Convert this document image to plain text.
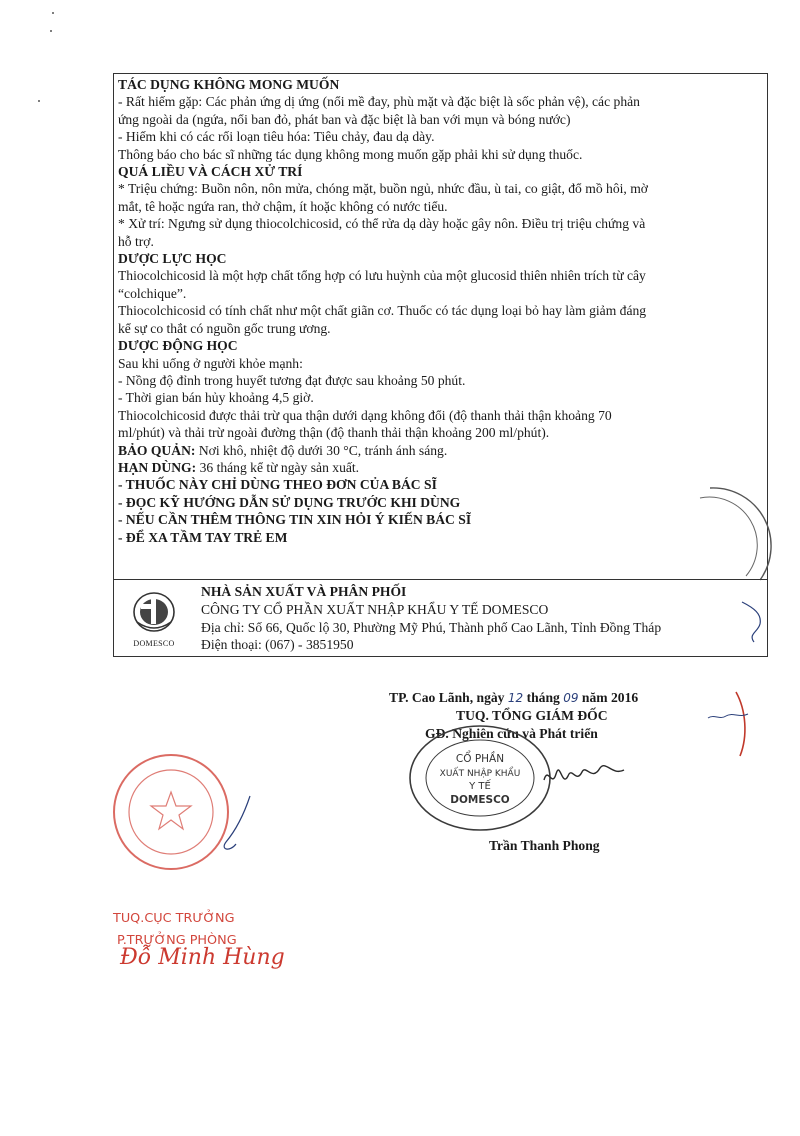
TÁC DỤNG KHÔNG MONG MUỐN
- Rất hiếm gặp: Các phản ứng dị ứng (nổi mề đay, phù mặt và đặc biệt là sốc phản vệ), các phản
ứng ngoài da (ngứa, nổi ban đỏ, phát ban và đặc biệt là ban với mụn và bóng nước)
- Hiếm khi có các rối loạn tiêu hóa: Tiêu chảy, đau dạ dày.
Thông báo cho bác sĩ những tác dụng không mong muốn gặp phải khi sử dụng thuốc.
QUÁ LIỀU VÀ CÁCH XỬ TRÍ
* Triệu chứng: Buồn nôn, nôn mửa, chóng mặt, buồn ngủ, nhức đầu, ù tai, co giật, đổ mồ hôi, mờ
mắt, tê hoặc ngứa ran, thở chậm, ít hoặc không có nước tiểu.
* Xử trí: Ngưng sử dụng thiocolchicosid, có thể rửa dạ dày hoặc gây nôn. Điều trị triệu chứng và
hỗ trợ.
DƯỢC LỰC HỌC
Thiocolchicosid là một hợp chất tổng hợp có lưu huỳnh của một glucosid thiên nhiên trích từ cây
“colchique”.
Thiocolchicosid có tính chất như một chất giãn cơ. Thuốc có tác dụng loại bỏ hay làm giảm đáng
kể sự co thắt có nguồn gốc trung ương.
DƯỢC ĐỘNG HỌC
Sau khi uống ở người khỏe mạnh:
- Nồng độ đỉnh trong huyết tương đạt được sau khoảng 50 phút.
- Thời gian bán hủy khoảng 4,5 giờ.
Thiocolchicosid được thải trừ qua thận dưới dạng không đổi (độ thanh thải thận khoảng 70
ml/phút) và thải trừ ngoài đường thận (độ thanh thải thận khoảng 200 ml/phút).
BẢO QUẢN: Nơi khô, nhiệt độ dưới 30 °C, tránh ánh sáng.
HẠN DÙNG: 36 tháng kể từ ngày sản xuất.
- THUỐC NÀY CHỈ DÙNG THEO ĐƠN CỦA BÁC SĨ
- ĐỌC KỸ HƯỚNG DẪN SỬ DỤNG TRƯỚC KHI DÙNG
- NẾU CẦN THÊM THÔNG TIN XIN HỎI Ý KIẾN BÁC SĨ
- ĐỂ XA TẦM TAY TRẺ EM
DOMESCO
NHÀ SẢN XUẤT VÀ PHÂN PHỐI
CÔNG TY CỔ PHẦN XUẤT NHẬP KHẨU Y TẾ DOMESCO
Địa chỉ: Số 66, Quốc lộ 30, Phường Mỹ Phú, Thành phố Cao Lãnh, Tỉnh Đồng Tháp
Điện thoại: (067) - 3851950
TP. Cao Lãnh, ngày 12 tháng 09 năm 2016
TUQ. TỔNG GIÁM ĐỐC
GĐ. Nghiên cứu và Phát triển
Trần Thanh Phong
CỔ PHẦN
XUẤT NHẬP KHẨU
Y TẾ
DOMESCO
TUQ.CỤC TRƯỞNG
P.TRƯỞNG PHÒNG
Đỗ Minh Hùng
